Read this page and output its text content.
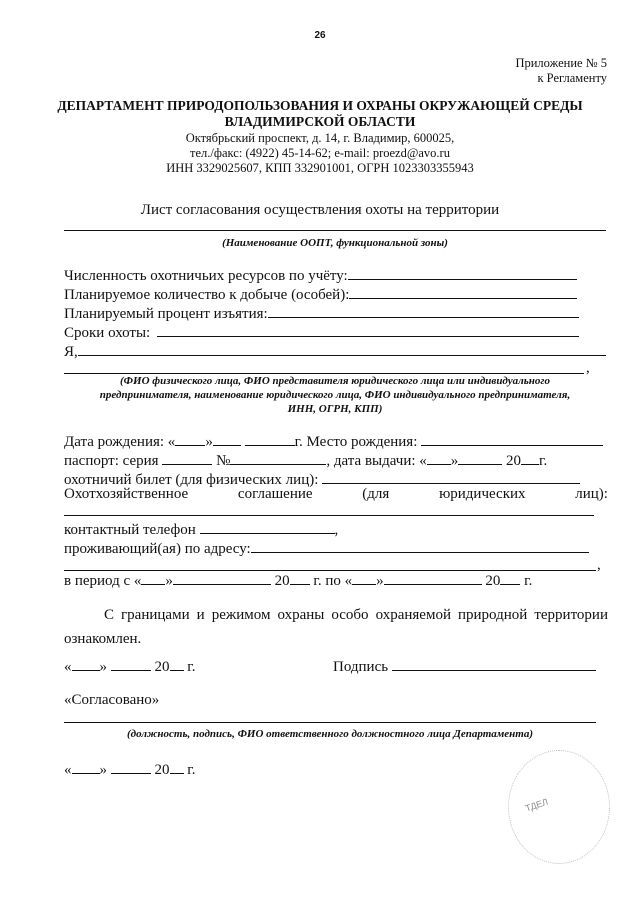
26
Приложение № 5
к Регламенту
ДЕПАРТАМЕНТ ПРИРОДОПОЛЬЗОВАНИЯ И ОХРАНЫ ОКРУЖАЮЩЕЙ СРЕДЫ
ВЛАДИМИРСКОЙ ОБЛАСТИ
Октябрьский проспект, д. 14, г. Владимир, 600025,
тел./факс: (4922) 45-14-62; e-mail: proezd@avo.ru
ИНН 3329025607, КПП 332901001, ОГРН 1023303355943
Лист согласования осуществления охоты на территории
(Наименование ООПТ, функциональной зоны)
Численность охотничьих ресурсов по учёту:
Планируемое количество к добыче (особей):
Планируемый процент изъятия:
Сроки охоты:
Я,
,
(ФИО физического лица, ФИО представителя юридического лица или индивидуального
предпринимателя, наименование юридического лица, ФИО индивидуального предпринимателя,
ИНН, ОГРН, КПП)
Дата рождения: « »	г. Место рождения:
паспорт: серия	№	, дата выдачи: « »	20 г.
охотничий билет (для физических лиц):
Охотхозяйственное	соглашение	(для	юридических	лиц):
контактный телефон	,
проживающий(ая) по адресу:
,
в период с « »	20 г. по « »	20 г.
С границами и режимом охраны особо охраняемой природной территории ознакомлен.
« »	20 г.	Подпись
«Согласовано»
(должность, подпись, ФИО ответственного должностного лица Департамента)
« »	20 г.
ТДЕЛ
